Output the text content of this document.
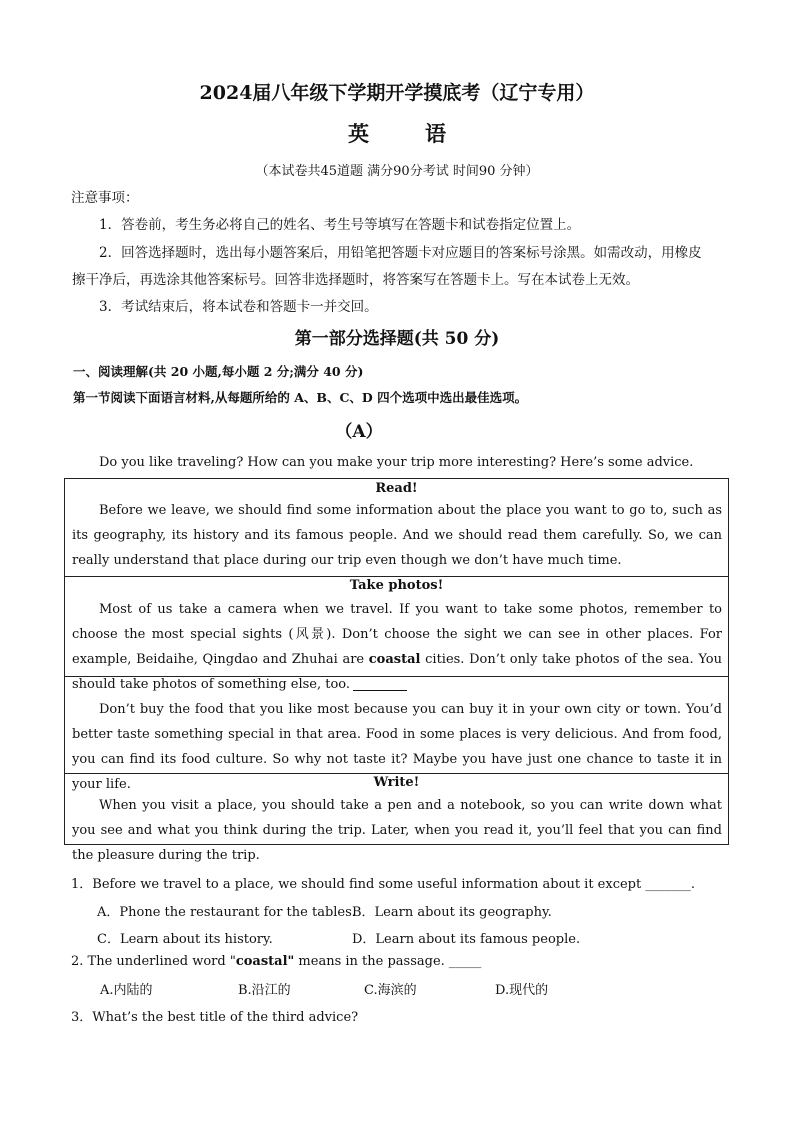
2024届八年级下学期开学摸底考（辽宁专用）
英	语
（本试卷共45道题 满分90分考试 时间90 分钟）
注意事项：
1．答卷前，考生务必将自己的姓名、考生号等填写在答题卡和试卷指定位置上。
2．回答选择题时，选出每小题答案后，用铅笔把答题卡对应题目的答案标号涂黑。如需改动，用橡皮
擦干净后，再选涂其他答案标号。回答非选择题时，将答案写在答题卡上。写在本试卷上无效。
3．考试结束后，将本试卷和答题卡一并交回。
第一部分选择题(共 50 分)
一、阅读理解(共 20 小题,每小题 2 分;满分 40 分)
第一节阅读下面语言材料,从每题所给的 A、B、C、D 四个选项中选出最佳选项。
（A）
Do you like traveling? How can you make your trip more interesting? Here’s some advice.
Read!
Before we leave, we should find some information about the place you want to go to, such as its geography, its history and its famous people. And we should read them carefully. So, we can really understand that place during our trip even though we don’t have much time.
Take photos!
Most of us take a camera when we travel. If you want to take some photos, remember to choose the most special sights (风景). Don’t choose the sight we can see in other places. For example, Beidaihe, Qingdao and Zhuhai are coastal cities. Don’t only take photos of the sea. You should take photos of something else, too.
Don’t buy the food that you like most because you can buy it in your own city or town. You’d better taste something special in that area. Food in some places is very delicious. And from food, you can find its food culture. So why not taste it? Maybe you have just one chance to taste it in your life.	Write!
When you visit a place, you should take a pen and a notebook, so you can write down what you see and what you think during the trip. Later, when you read it, you’ll feel that you can find the pleasure during the trip.
1．Before we travel to a place, we should find some useful information about it except _______.
A．Phone the restaurant for the tables.
B．Learn about its geography.
C．Learn about its history.	D．Learn about its famous people.
2. The underlined word "coastal" means in the passage. _____
A.内陆的	B.沿江的	C.海滨的	D.现代的
3．What’s the best title of the third advice?
